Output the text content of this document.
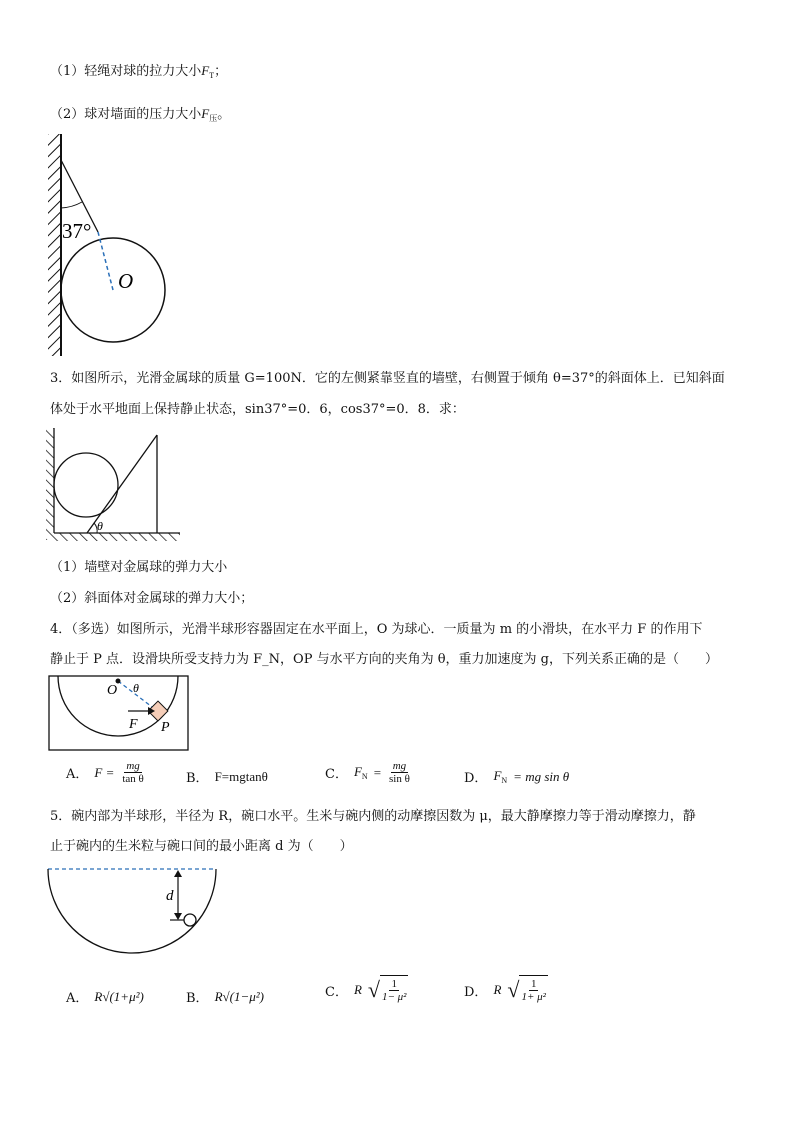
（1）轻绳对球的拉力大小$F_T$；
（2）球对墙面的压力大小$F_压$。
37°
O
3．如图所示，光滑金属球的质量 G=100N．它的左侧紧靠竖直的墙壁，右侧置于倾角 θ=37°的斜面体上．已知斜面
体处于水平地面上保持静止状态，sin37°=0．6，cos37°=0．8．求：
θ
（1）墙壁对金属球的弹力大小
（2）斜面体对金属球的弹力大小；
4．（多选）如图所示，光滑半球形容器固定在水平面上，O 为球心．一质量为 m 的小滑块，在水平力 F 的作用下
静止于 P 点．设滑块所受支持力为 F_N，OP 与水平方向的夹角为 θ，重力加速度为 g，下列关系正确的是（　　）
O θ
F P
A． $F = \frac{mg}{\text{tan θ}}$	B． F=mgtanθ	C． $F_N = \frac{mg}{\text{sin θ}}$	D． $F_N$ = mg sin θ
5．碗内部为半球形，半径为 R，碗口水平。生米与碗内侧的动摩擦因数为 μ，最大静摩擦力等于滑动摩擦力，静
止于碗内的生米粒与碗口间的最小距离 d 为（　　）
d
A． R√(1+μ²)	B． R√(1−μ²)	C． R √ $\frac{1}{\text{1− μ²}}$	D． R √ $\frac{1}{\text{1+ μ²}}$
